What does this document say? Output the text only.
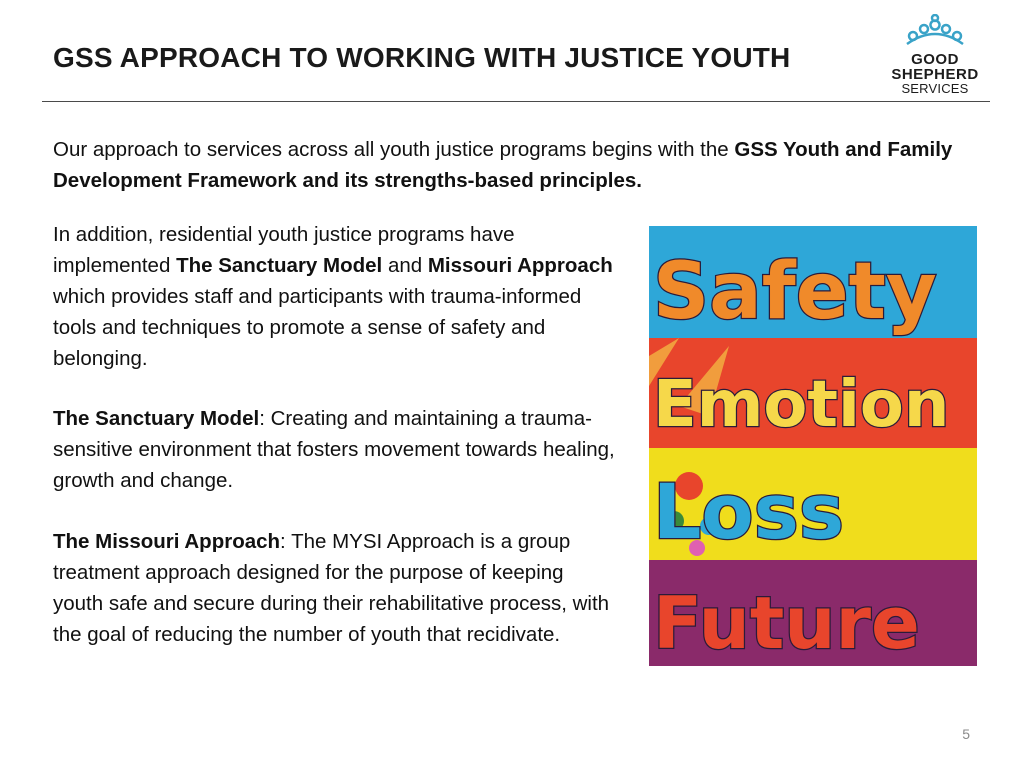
GSS APPROACH TO WORKING WITH JUSTICE YOUTH	GOOD
SHEPHERD
SERVICES
Our approach to services across all youth justice programs begins with the GSS Youth and Family Development Framework and its strengths-based principles.
In addition, residential youth justice programs have implemented The Sanctuary Model and Missouri Approach which provides staff and participants with trauma-informed tools and techniques to promote a sense of safety and belonging.
The Sanctuary Model: Creating and maintaining a trauma-sensitive environment that fosters movement towards healing, growth and change.
The Missouri Approach: The MYSI Approach is a group treatment approach designed for the purpose of keeping youth safe and secure during their rehabilitative process, with the goal of reducing the number of youth that recidivate.
Safety
Emotion
Loss
Future
5
